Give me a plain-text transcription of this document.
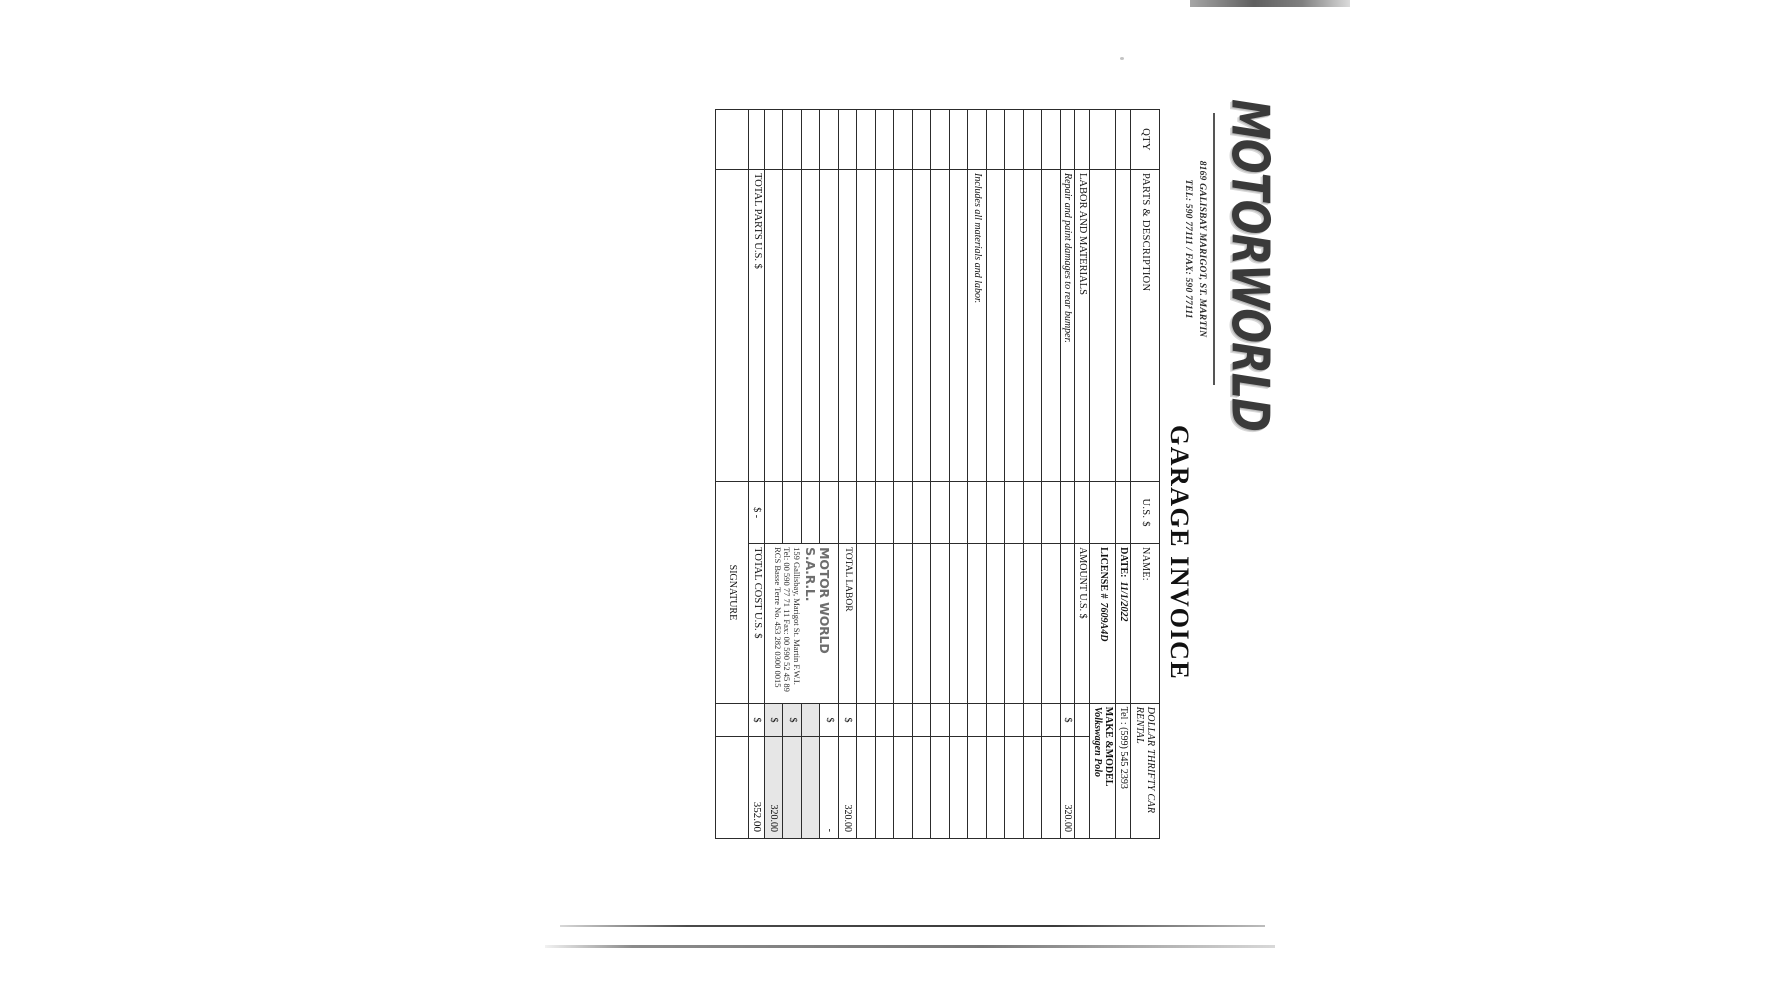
MOTORWORLD
8169 GALISBAY MARIGOT, ST. MARTIN
TEL: 590 77111 / FAX: 590 77111
GARAGE INVOICE
QTY	PARTS & DESCRIPTION	U.S. $	NAME:	DOLLAR THRIFTY CAR RENTAL	
			DATE:11/1/2022	Tel : (599) 545 2393	
			LICENSE #7609A4D	MAKE &MODEL Volkswagen Polo	
	LABOR AND MATERIALS		AMOUNT U.S. $		
	Repair and paint damages to rear bumper.			$	320.00

	Includes all materials and labor.				

			TOTAL LABOR	$	320.00

			MOTOR WORLD S.A.R.L.
159 Gallisbay, Marigot St. Martin F.W.I.
Tel: 00 590 77 71 11 Fax: 00 590 52 45 89
RCS Basse Terre No. 453 282 0300 0015	$	-

				$	
				$	320.00
	TOTAL PARTS U.S. $	$ -	TOTAL COST U.S. $	$	352.00
		SIGNATURE			
